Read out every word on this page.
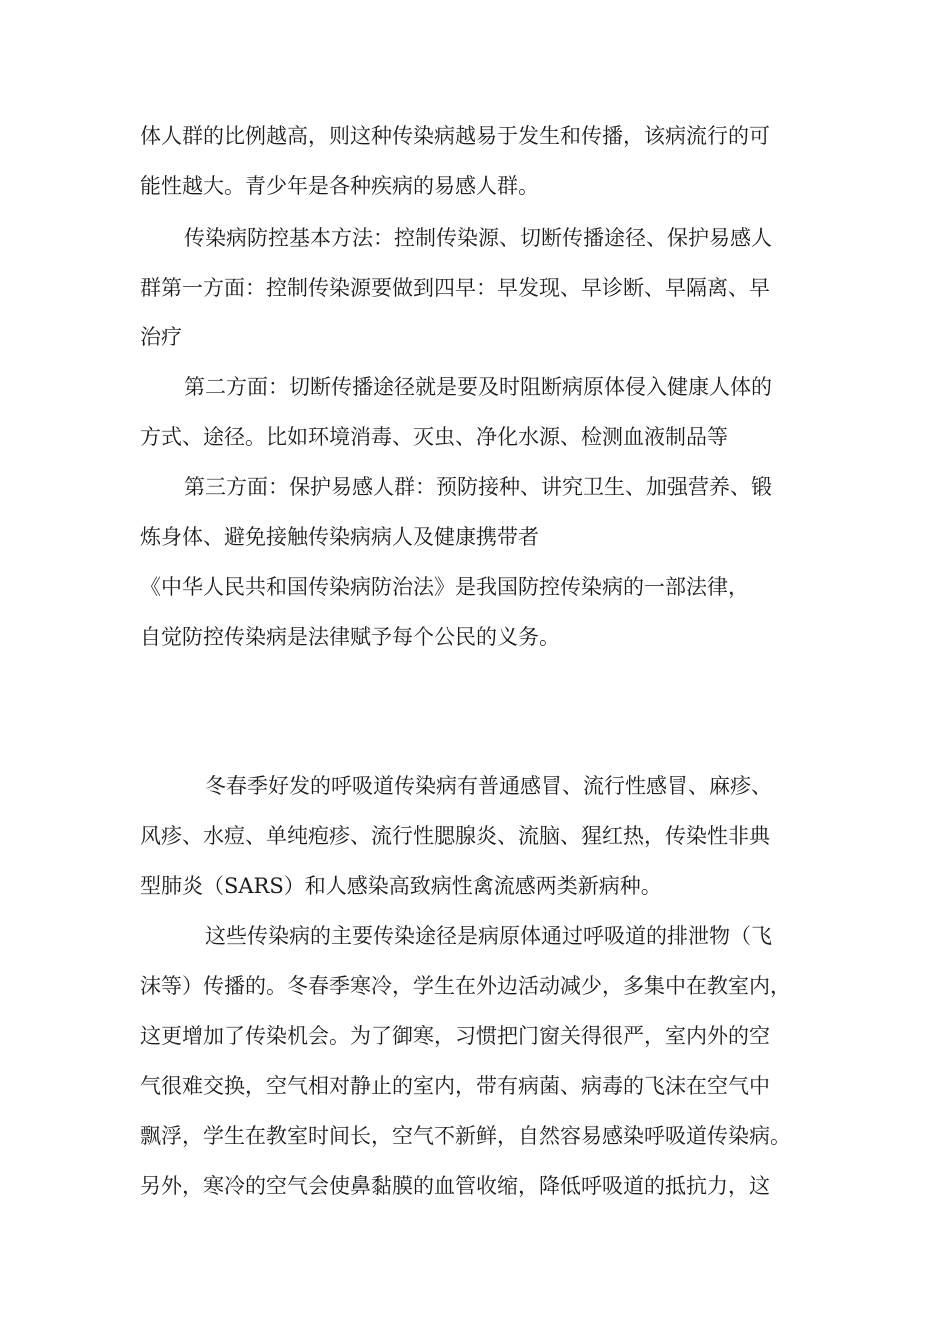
体人群的比例越高，则这种传染病越易于发生和传播，该病流行的可

能性越大。青少年是各种疾病的易感人群。

传染病防控基本方法：控制传染源、切断传播途径、保护易感人

群第一方面：控制传染源要做到四早：早发现、早诊断、早隔离、早

治疗

第二方面：切断传播途径就是要及时阻断病原体侵入健康人体的

方式、途径。比如环境消毒、灭虫、净化水源、检测血液制品等

第三方面：保护易感人群：预防接种、讲究卫生、加强营养、锻

炼身体、避免接触传染病病人及健康携带者

《中华人民共和国传染病防治法》是我国防控传染病的一部法律，

自觉防控传染病是法律赋予每个公民的义务。

冬春季好发的呼吸道传染病有普通感冒、流行性感冒、麻疹、

风疹、水痘、单纯疱疹、流行性腮腺炎、流脑、猩红热，传染性非典

型肺炎（SARS）和人感染高致病性禽流感两类新病种。

这些传染病的主要传染途径是病原体通过呼吸道的排泄物（飞

沫等）传播的。冬春季寒冷，学生在外边活动减少，多集中在教室内，

这更增加了传染机会。为了御寒，习惯把门窗关得很严，室内外的空

气很难交换，空气相对静止的室内，带有病菌、病毒的飞沫在空气中

飘浮，学生在教室时间长，空气不新鲜，自然容易感染呼吸道传染病。

另外，寒冷的空气会使鼻黏膜的血管收缩，降低呼吸道的抵抗力，这
